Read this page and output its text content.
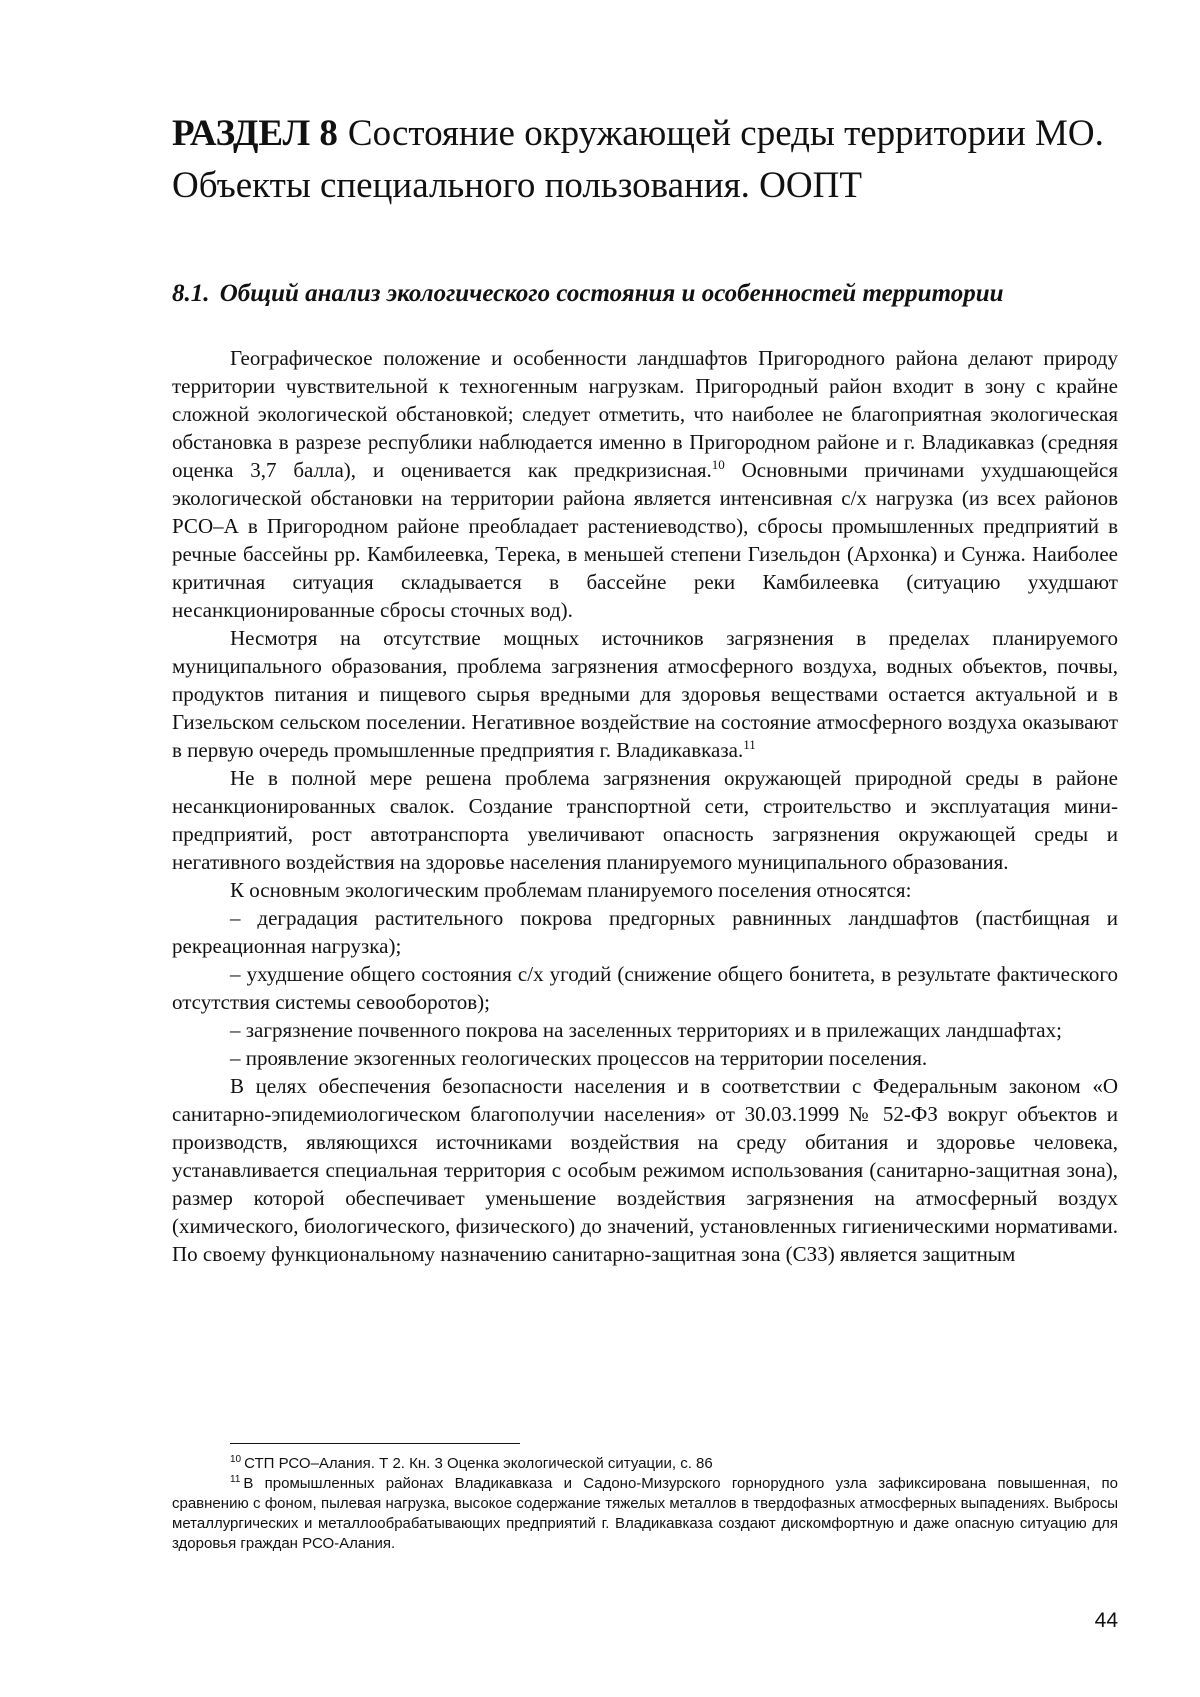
РАЗДЕЛ 8 Состояние окружающей среды территории МО. Объекты специального пользования. ООПТ
8.1. Общий анализ экологического состояния и особенностей территории

Географическое положение и особенности ландшафтов Пригородного района делают природу территории чувствительной к техногенным нагрузкам. Пригородный район входит в зону с крайне сложной экологической обстановкой; следует отметить, что наиболее не благоприятная экологическая обстановка в разрезе республики наблюдается именно в Пригородном районе и г. Владикавказ (средняя оценка 3,7 балла), и оценивается как предкризисная.$^{10}$ Основными причинами ухудшающейся экологической обстановки на территории района является интенсивная с/х нагрузка (из всех районов РСО–А в Пригородном районе преобладает растениеводство), сбросы промышленных предприятий в речные бассейны рр. Камбилеевка, Терека, в меньшей степени Гизельдон (Архонка) и Сунжа. Наиболее критичная ситуация складывается в бассейне реки Камбилеевка (ситуацию ухудшают несанкционированные сбросы сточных вод).

Несмотря на отсутствие мощных источников загрязнения в пределах планируемого муниципального образования, проблема загрязнения атмосферного воздуха, водных объектов, почвы, продуктов питания и пищевого сырья вредными для здоровья веществами остается актуальной и в Гизельском сельском поселении. Негативное воздействие на состояние атмосферного воздуха оказывают в первую очередь промышленные предприятия г. Владикавказа.$^{11}$

Не в полной мере решена проблема загрязнения окружающей природной среды в районе несанкционированных свалок. Создание транспортной сети, строительство и эксплуатация мини-предприятий, рост автотранспорта увеличивают опасность загрязнения окружающей среды и негативного воздействия на здоровье населения планируемого муниципального образования.

К основным экологическим проблемам планируемого поселения относятся:

– деградация растительного покрова предгорных равнинных ландшафтов (пастбищная и рекреационная нагрузка);

– ухудшение общего состояния с/х угодий (снижение общего бонитета, в результате фактического отсутствия системы севооборотов);

– загрязнение почвенного покрова на заселенных территориях и в прилежащих ландшафтах;

– проявление экзогенных геологических процессов на территории поселения.

В целях обеспечения безопасности населения и в соответствии с Федеральным законом «О санитарно-эпидемиологическом благополучии населения» от 30.03.1999 № 52-ФЗ вокруг объектов и производств, являющихся источниками воздействия на среду обитания и здоровье человека, устанавливается специальная территория с особым режимом использования (санитарно-защитная зона), размер которой обеспечивает уменьшение воздействия загрязнения на атмосферный воздух (химического, биологического, физического) до значений, установленных гигиеническими нормативами. По своему функциональному назначению санитарно-защитная зона (СЗЗ) является защитным

$^{10}$ СТП РСО–Алания. Т 2. Кн. 3 Оценка экологической ситуации, с. 86

$^{11}$ В промышленных районах Владикавказа и Садоно-Мизурского горнорудного узла зафиксирована повышенная, по сравнению с фоном, пылевая нагрузка, высокое содержание тяжелых металлов в твердофазных атмосферных выпадениях. Выбросы металлургических и металлообрабатывающих предприятий г. Владикавказа создают дискомфортную и даже опасную ситуацию для здоровья граждан РСО-Алания.

44
